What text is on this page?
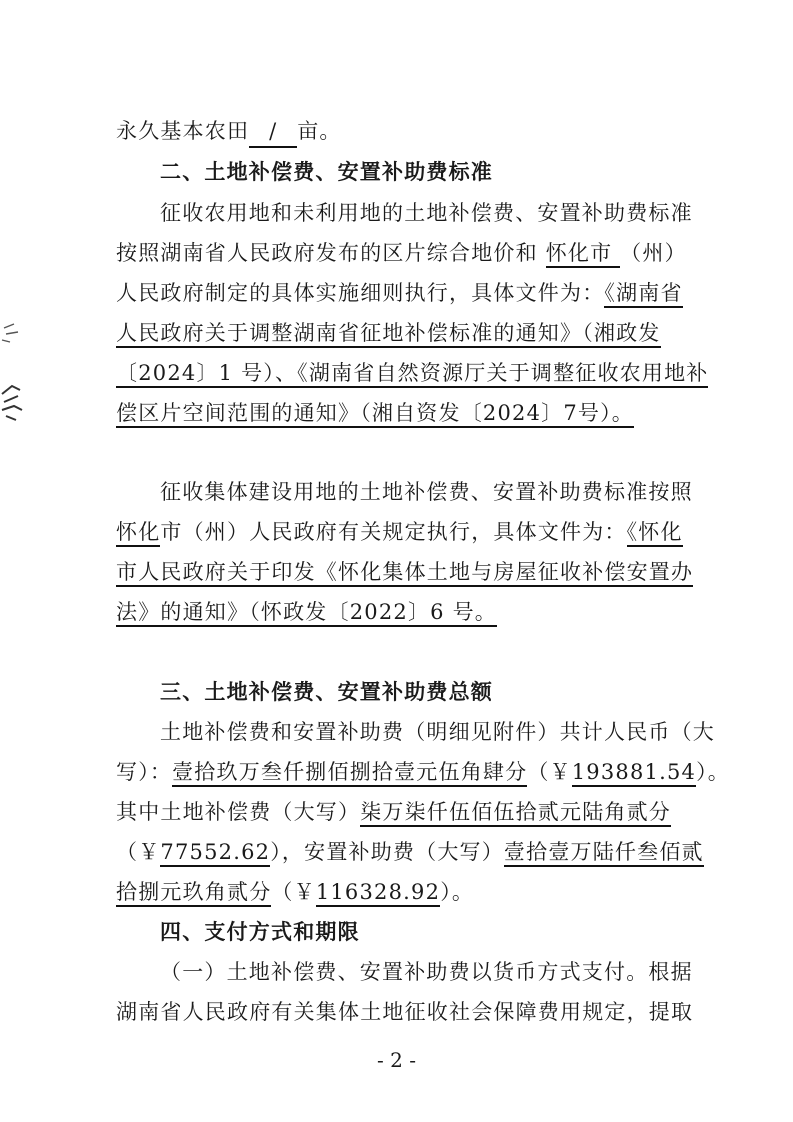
永久基本农田 / 亩。
二、土地补偿费、安置补助费标准
征收农用地和未利用地的土地补偿费、安置补助费标准
按照湖南省人民政府发布的区片综合地价和 怀化市 （州）
人民政府制定的具体实施细则执行，具体文件为：《湖南省
人民政府关于调整湖南省征地补偿标准的通知》（湘政发
〔2024〕1 号）、《湖南省自然资源厅关于调整征收农用地补
偿区片空间范围的通知》（湘自资发〔2024〕7号）。
征收集体建设用地的土地补偿费、安置补助费标准按照
怀化市（州）人民政府有关规定执行，具体文件为：《怀化
市人民政府关于印发《怀化集体土地与房屋征收补偿安置办
法》的通知》（怀政发〔2022〕6 号。
三、土地补偿费、安置补助费总额
土地补偿费和安置补助费（明细见附件）共计人民币（大
写）：壹拾玖万叁仟捌佰捌拾壹元伍角肆分（￥193881.54）。
其中土地补偿费（大写）柒万柒仟伍佰伍拾贰元陆角贰分
（￥77552.62），安置补助费（大写）壹拾壹万陆仟叁佰贰
拾捌元玖角贰分（￥116328.92）。
四、支付方式和期限
（一）土地补偿费、安置补助费以货币方式支付。根据
湖南省人民政府有关集体土地征收社会保障费用规定，提取
- 2 -
